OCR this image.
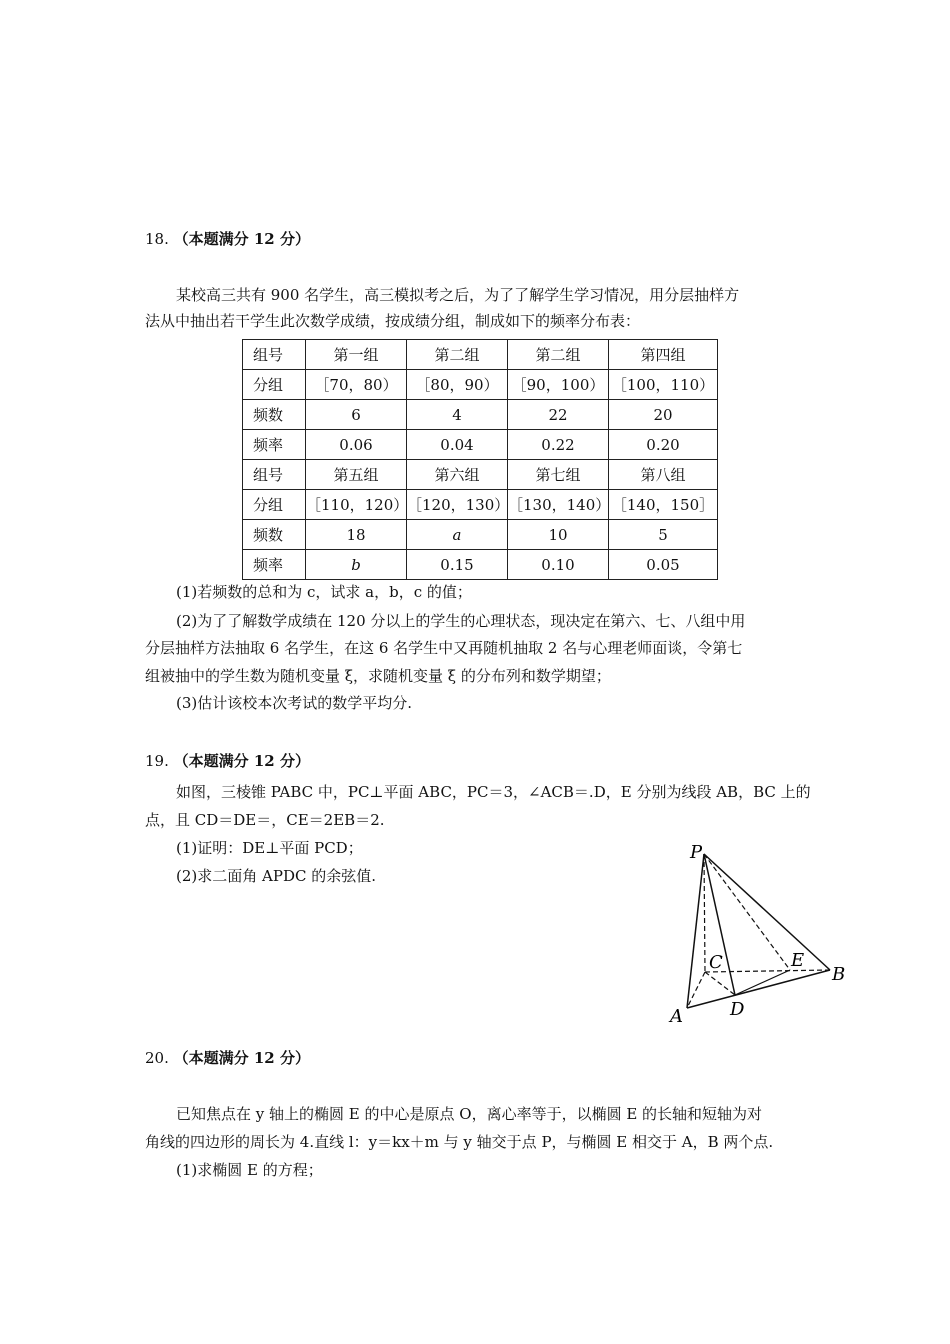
18. （本题满分 12 分）
某校高三共有 900 名学生，高三模拟考之后，为了了解学生学习情况，用分层抽样方
法从中抽出若干学生此次数学成绩，按成绩分组，制成如下的频率分布表：
组号	第一组	第二组	第二组	第四组
分组	［70，80）	［80，90）	［90，100）	［100，110）
频数	6	4	22	20
频率	0.06	0.04	0.22	0.20
组号	第五组	第六组	第七组	第八组
分组	［110，120）	［120，130）	［130，140）	［140，150］
频数	18	a	10	5
频率	b	0.15	0.10	0.05
(1)若频数的总和为 c，试求 a，b，c 的值；
(2)为了了解数学成绩在 120 分以上的学生的心理状态，现决定在第六、七、八组中用
分层抽样方法抽取 6 名学生，在这 6 名学生中又再随机抽取 2 名与心理老师面谈，令第七
组被抽中的学生数为随机变量 ξ，求随机变量 ξ 的分布列和数学期望；
(3)估计该校本次考试的数学平均分.
19. （本题满分 12 分）
如图，三棱锥 PABC 中，PC⊥平面 ABC，PC＝3，∠ACB＝.D，E 分别为线段 AB，BC 上的
点，且 CD＝DE＝，CE＝2EB＝2.
(1)证明：DE⊥平面 PCD；
(2)求二面角 APDC 的余弦值.
P
C	E
B
A	D
20. （本题满分 12 分）
已知焦点在 y 轴上的椭圆 E 的中心是原点 O，离心率等于，以椭圆 E 的长轴和短轴为对
角线的四边形的周长为 4.直线 l：y＝kx＋m 与 y 轴交于点 P，与椭圆 E 相交于 A，B 两个点.
(1)求椭圆 E 的方程；
